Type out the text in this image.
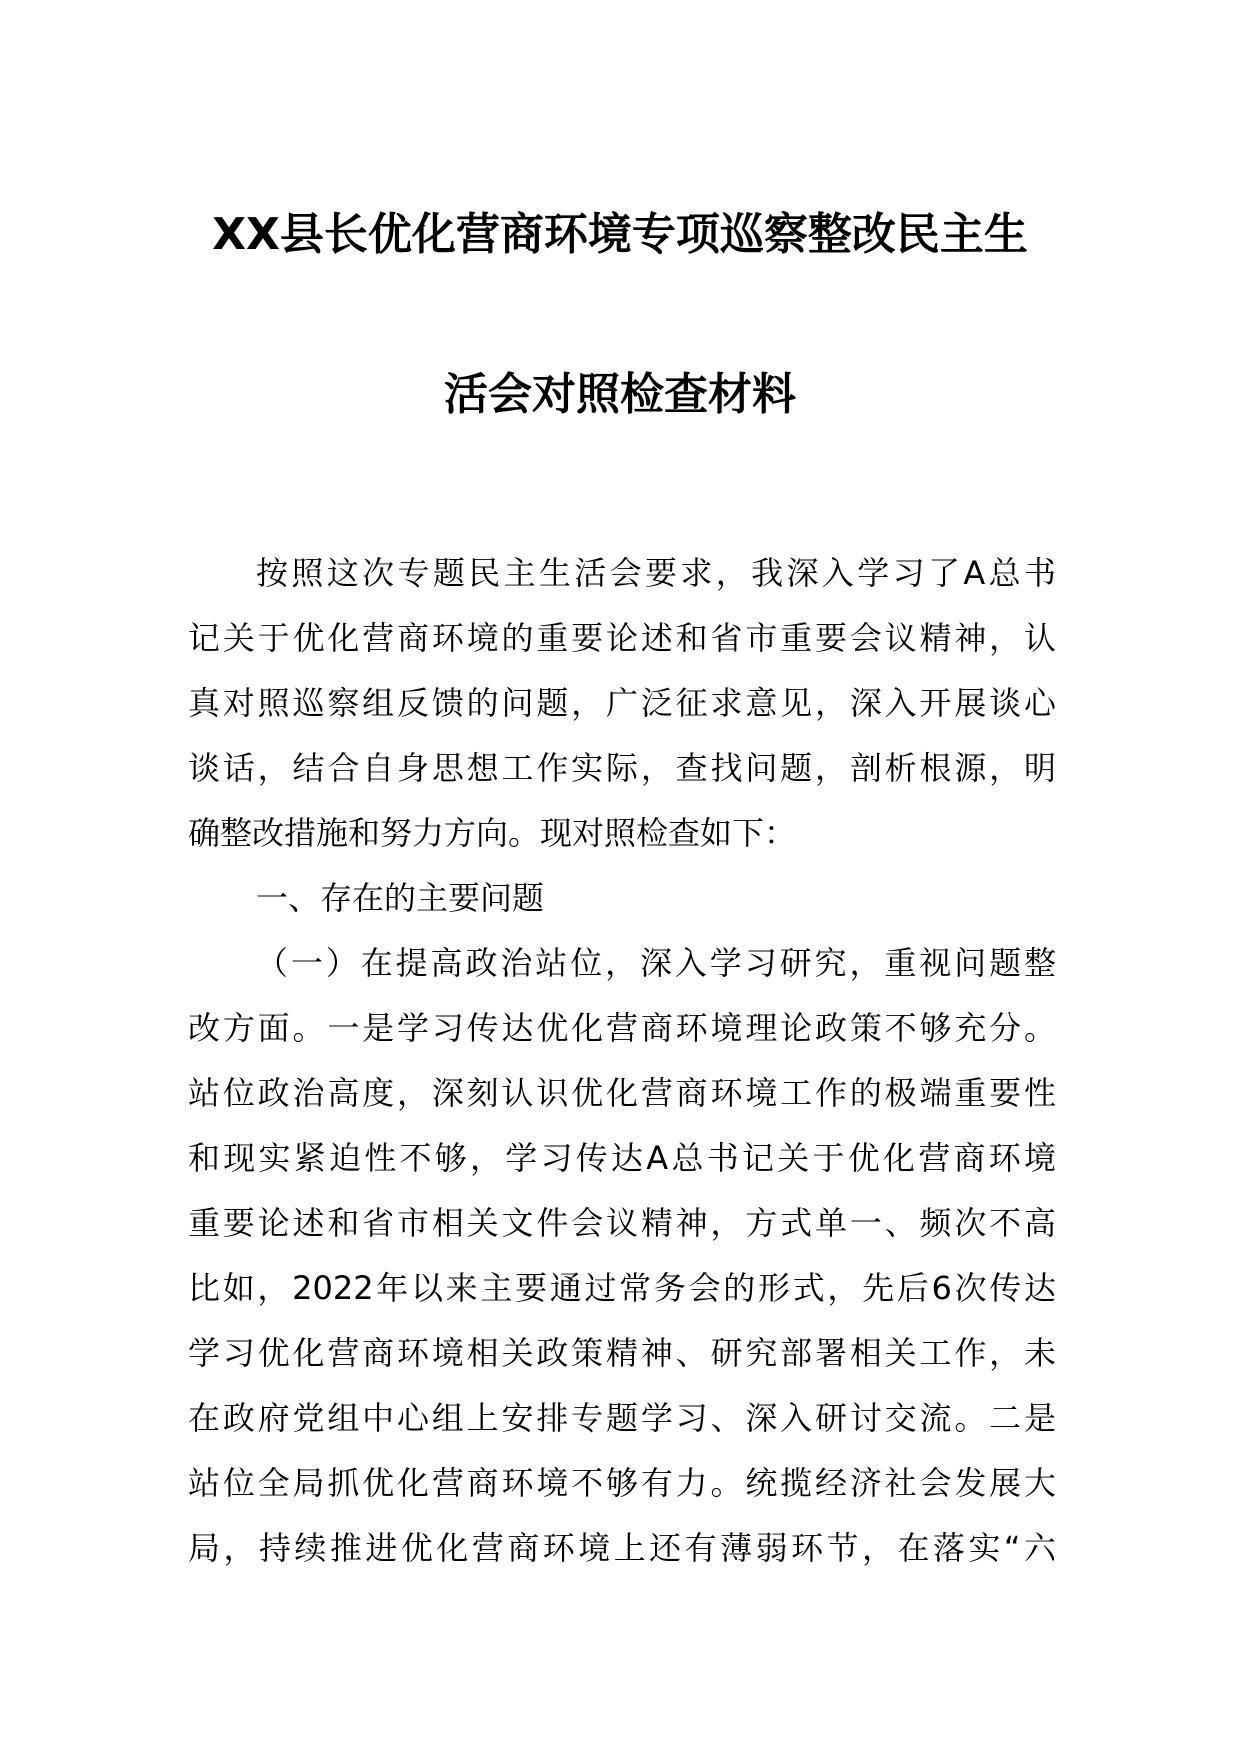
XX县长优化营商环境专项巡察整改民主生
活会对照检查材料
按照这次专题民主生活会要求，我深入学习了A总书
记关于优化营商环境的重要论述和省市重要会议精神，认
真对照巡察组反馈的问题，广泛征求意见，深入开展谈心
谈话，结合自身思想工作实际，查找问题，剖析根源，明
确整改措施和努力方向。现对照检查如下：
一、存在的主要问题
（一）在提高政治站位，深入学习研究，重视问题整
改方面。一是学习传达优化营商环境理论政策不够充分。
站位政治高度，深刻认识优化营商环境工作的极端重要性
和现实紧迫性不够，学习传达A总书记关于优化营商环境
重要论述和省市相关文件会议精神，方式单一、频次不高
比如，2022年以来主要通过常务会的形式，先后6次传达
学习优化营商环境相关政策精神、研究部署相关工作，未
在政府党组中心组上安排专题学习、深入研讨交流。二是
站位全局抓优化营商环境不够有力。统揽经济社会发展大
局，持续推进优化营商环境上还有薄弱环节，在落实“六
